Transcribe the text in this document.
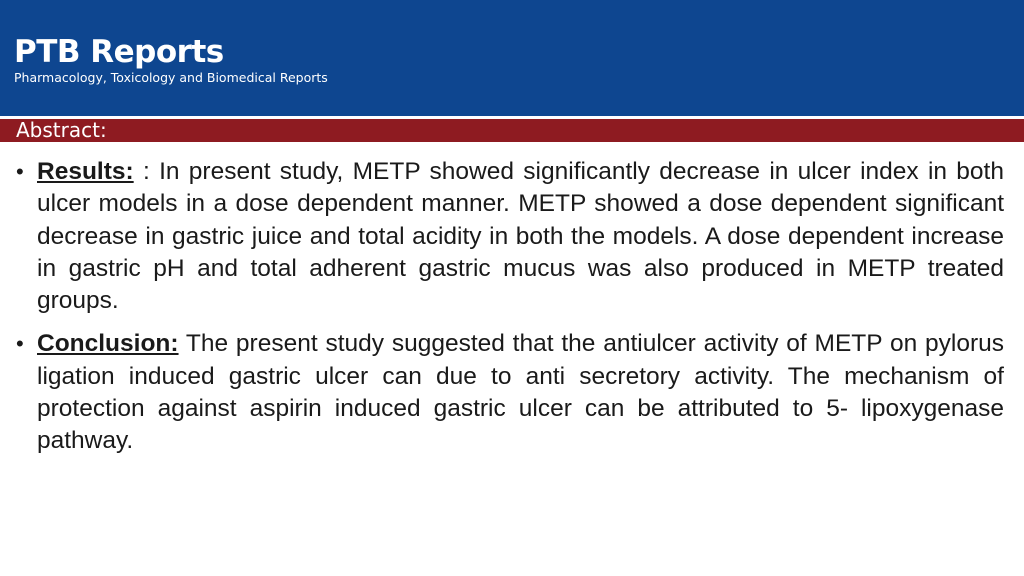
PTB Reports
Pharmacology, Toxicology and Biomedical Reports
Abstract:
• Results: : In present study, METP showed significantly decrease in ulcer index in both ulcer models in a dose dependent manner. METP showed a dose dependent significant decrease in gastric juice and total acidity in both the models. A dose dependent increase in gastric pH and total adherent gastric mucus was also produced in METP treated groups.
• Conclusion: The present study suggested that the antiulcer activity of METP on pylorus ligation induced gastric ulcer can due to anti secretory activity. The mechanism of protection against aspirin induced gastric ulcer can be attributed to 5- lipoxygenase pathway.
